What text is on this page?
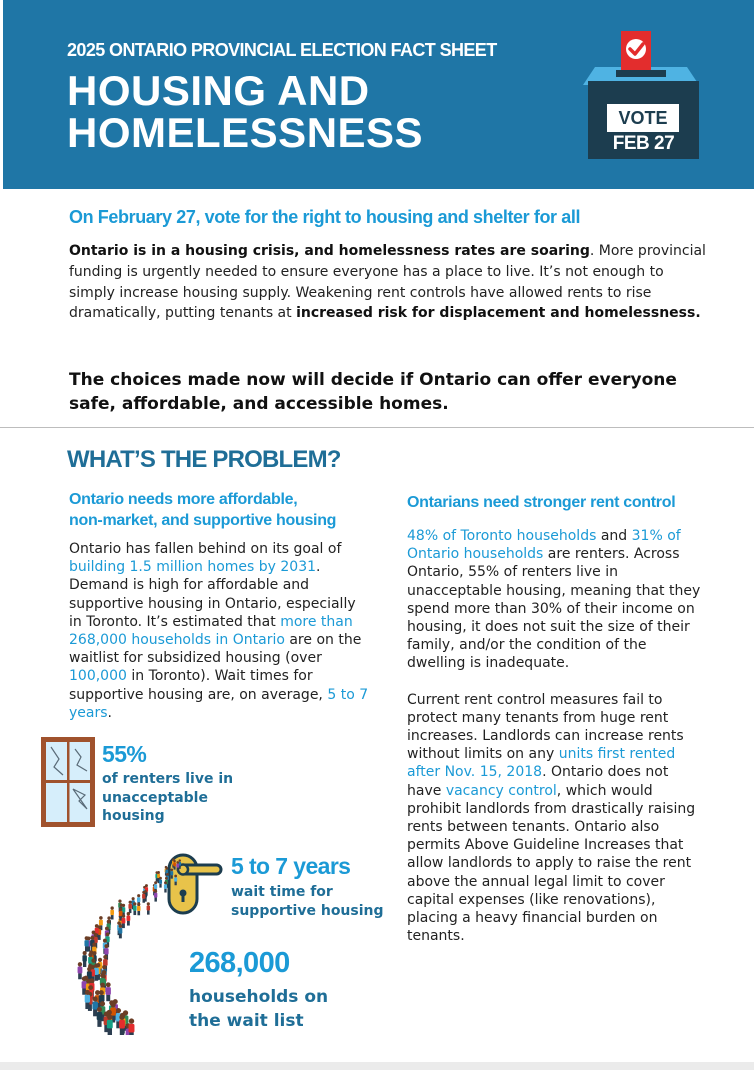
2025 ONTARIO PROVINCIAL ELECTION FACT SHEET
HOUSING AND
HOMELESSNESS	VOTE
FEB 27
On February 27, vote for the right to housing and shelter for all
Ontario is in a housing crisis, and homelessness rates are soaring. More provincial funding is urgently needed to ensure everyone has a place to live. It’s not enough to simply increase housing supply. Weakening rent controls have allowed rents to rise dramatically, putting tenants at increased risk for displacement and homelessness.
The choices made now will decide if Ontario can offer everyone safe, affordable, and accessible homes.
WHAT’S THE PROBLEM?
Ontario needs more affordable,
non-market, and supportive housing
Ontario has fallen behind on its goal of building 1.5 million homes by 2031. Demand is high for affordable and supportive housing in Ontario, especially in Toronto. It’s estimated that more than 268,000 households in Ontario are on the waitlist for subsidized housing (over 100,000 in Toronto). Wait times for supportive housing are, on average, 5 to 7 years.
Ontarians need stronger rent control
48% of Toronto households and 31% of Ontario households are renters. Across Ontario, 55% of renters live in unacceptable housing, meaning that they spend more than 30% of their income on housing, it does not suit the size of their family, and/or the condition of the dwelling is inadequate.
Current rent control measures fail to protect many tenants from huge rent increases. Landlords can increase rents without limits on any units first rented after Nov. 15, 2018. Ontario does not have vacancy control, which would prohibit landlords from drastically raising rents between tenants. Ontario also permits Above Guideline Increases that allow landlords to apply to raise the rent above the annual legal limit to cover capital expenses (like renovations), placing a heavy financial burden on tenants.
55%
of renters live in
unacceptable
housing
5 to 7 years
wait time for
supportive housing
268,000
households on
the wait list
